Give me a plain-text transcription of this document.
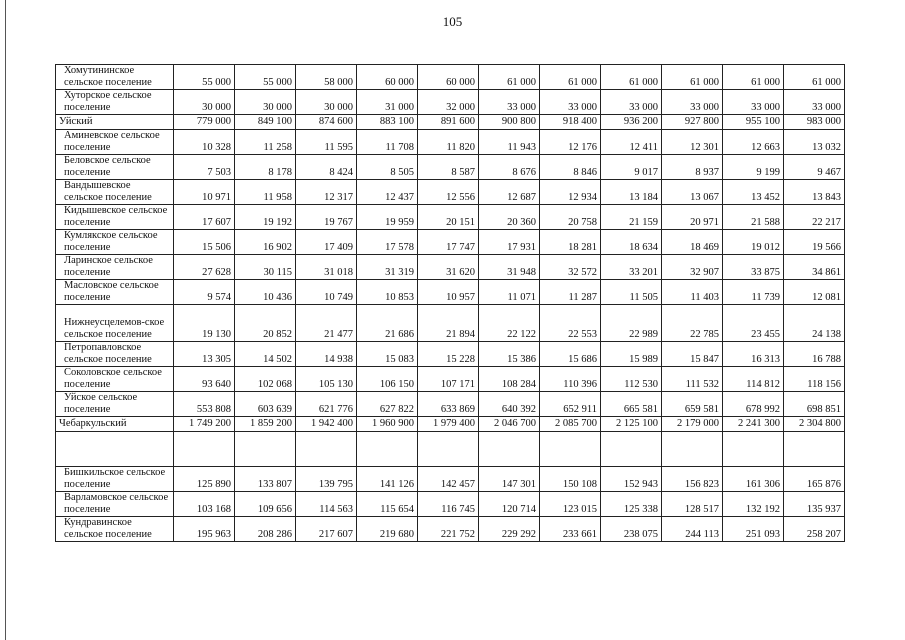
105
Хомутининское сельское поселение	55 000	55 000	58 000	60 000	60 000	61 000	61 000	61 000	61 000	61 000	61 000
Хуторское сельское поселение	30 000	30 000	30 000	31 000	32 000	33 000	33 000	33 000	33 000	33 000	33 000
Уйский	779 000	849 100	874 600	883 100	891 600	900 800	918 400	936 200	927 800	955 100	983 000
Аминевское сельское поселение	10 328	11 258	11 595	11 708	11 820	11 943	12 176	12 411	12 301	12 663	13 032
Беловское сельское поселение	7 503	8 178	8 424	8 505	8 587	8 676	8 846	9 017	8 937	9 199	9 467
Вандышевское сельское поселение	10 971	11 958	12 317	12 437	12 556	12 687	12 934	13 184	13 067	13 452	13 843
Кидышевское сельское поселение	17 607	19 192	19 767	19 959	20 151	20 360	20 758	21 159	20 971	21 588	22 217
Кумлякское сельское поселение	15 506	16 902	17 409	17 578	17 747	17 931	18 281	18 634	18 469	19 012	19 566
Ларинское сельское поселение	27 628	30 115	31 018	31 319	31 620	31 948	32 572	33 201	32 907	33 875	34 861
Масловское сельское поселение	9 574	10 436	10 749	10 853	10 957	11 071	11 287	11 505	11 403	11 739	12 081
Нижнеусцелемов-ское сельское поселение	19 130	20 852	21 477	21 686	21 894	22 122	22 553	22 989	22 785	23 455	24 138
Петропавловское сельское поселение	13 305	14 502	14 938	15 083	15 228	15 386	15 686	15 989	15 847	16 313	16 788
Соколовское сельское поселение	93 640	102 068	105 130	106 150	107 171	108 284	110 396	112 530	111 532	114 812	118 156
Уйское сельское поселение	553 808	603 639	621 776	627 822	633 869	640 392	652 911	665 581	659 581	678 992	698 851
Чебаркульский	1 749 200	1 859 200	1 942 400	1 960 900	1 979 400	2 046 700	2 085 700	2 125 100	2 179 000	2 241 300	2 304 800

Бишкильское сельское поселение	125 890	133 807	139 795	141 126	142 457	147 301	150 108	152 943	156 823	161 306	165 876
Варламовское сельское поселение	103 168	109 656	114 563	115 654	116 745	120 714	123 015	125 338	128 517	132 192	135 937
Кундравинское сельское поселение	195 963	208 286	217 607	219 680	221 752	229 292	233 661	238 075	244 113	251 093	258 207
